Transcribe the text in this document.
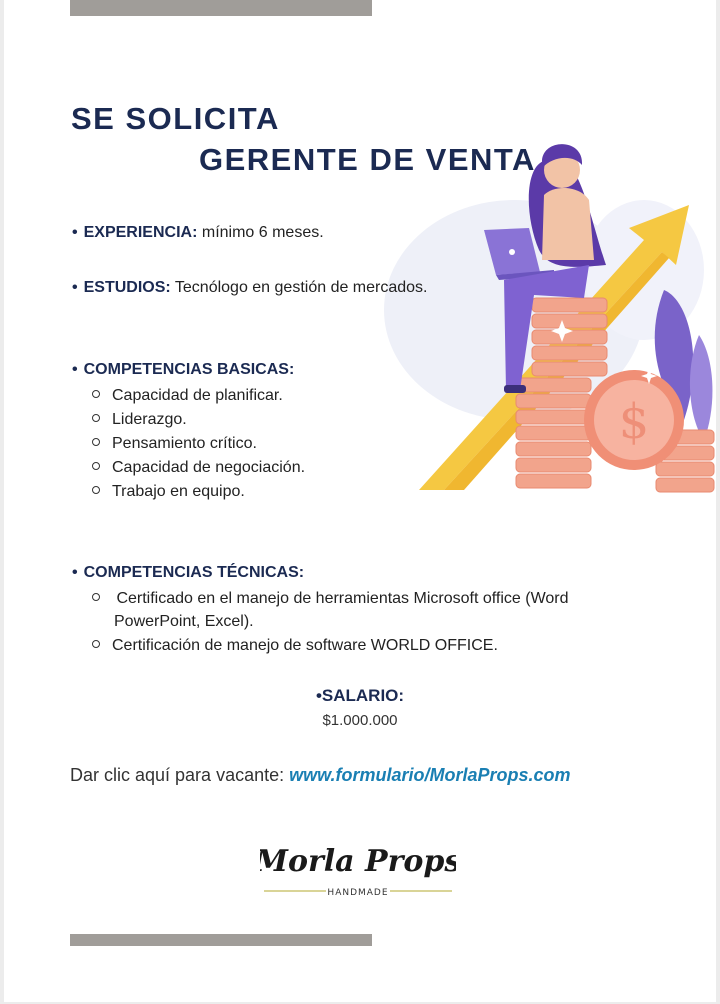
SE SOLICITA
GERENTE DE VENTA
$
• EXPERIENCIA: mínimo 6 meses.
• ESTUDIOS: Tecnólogo en gestión de mercados.
• COMPETENCIAS BASICAS:
Capacidad de planificar.
Liderazgo.
Pensamiento crítico.
Capacidad de negociación.
Trabajo en equipo.
• COMPETENCIAS TÉCNICAS:
Certificado en el manejo de herramientas Microsoft office (Word
PowerPoint, Excel).
Certificación de manejo de software WORLD OFFICE.
•SALARIO:
$1.000.000
Dar clic aquí para vacante: www.formulario/MorlaProps.com
Morla Props
HANDMADE
